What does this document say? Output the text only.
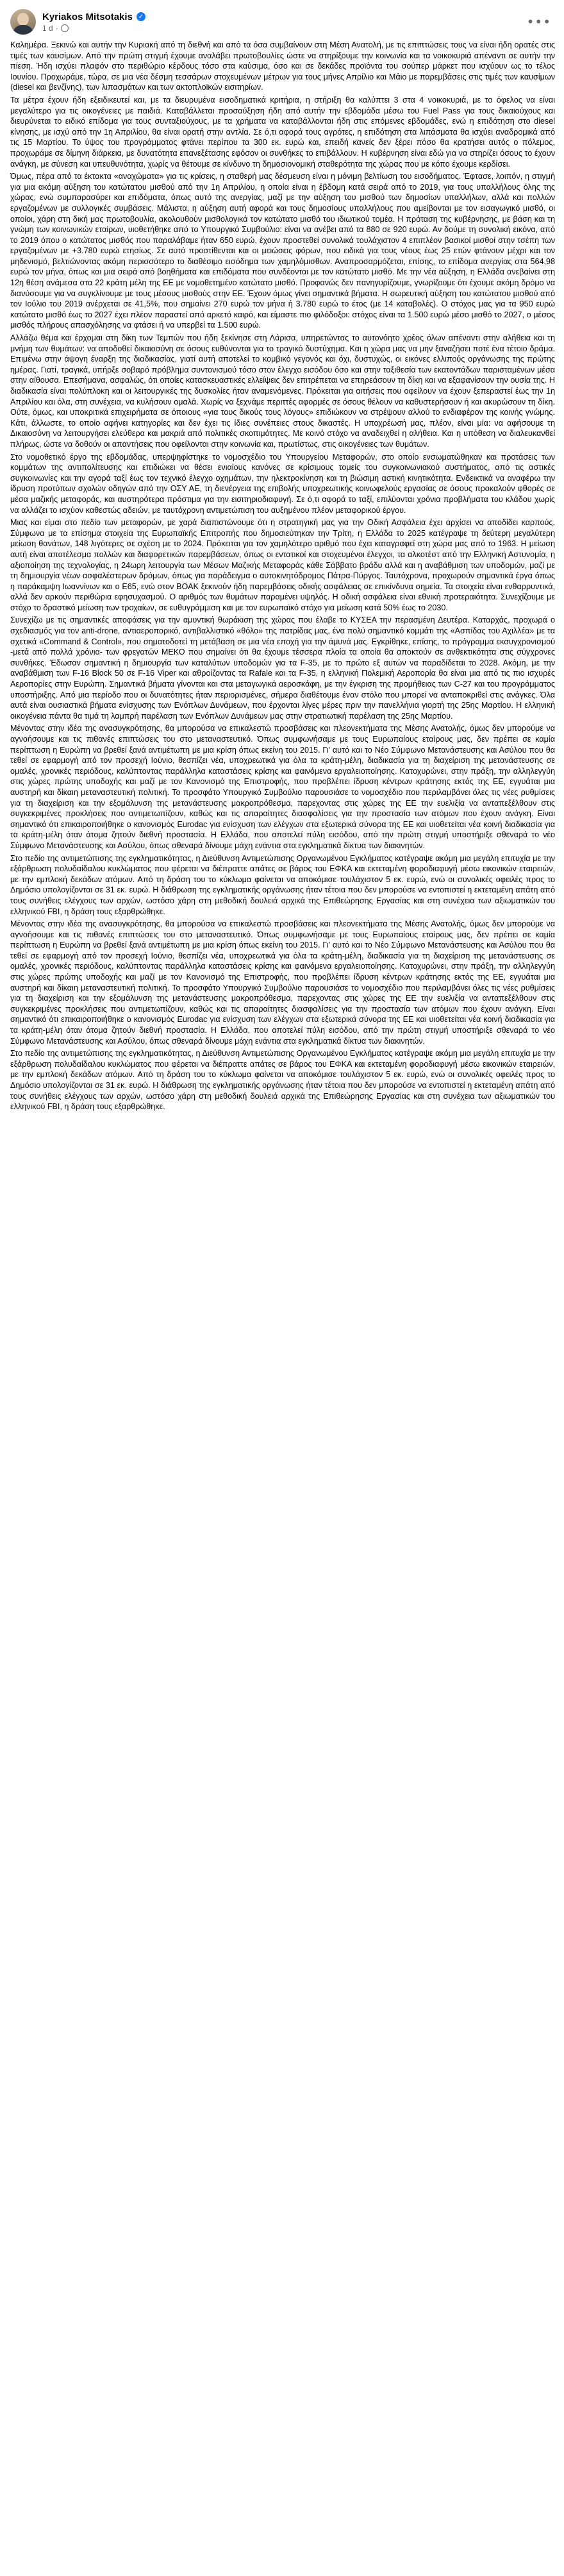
Kyriakos Mitsotakis ✓
1 d ·	•••

Καλημέρα. Ξεκινώ και αυτήν την Κυριακή από τη διεθνή και από τα όσα συμβαίνουν στη Μέση Ανατολή, με τις επιπτώσεις τους να είναι ήδη ορατές στις τιμές των καυσίμων. Από την πρώτη στιγμή έχουμε αναλάβει πρωτοβουλίες ώστε να στηρίξουμε την κοινωνία και τα νοικοκυριά απέναντι σε αυτήν την πίεση. Ήδη ισχύει πλαφόν στο περιθώριο κέρδους τόσο στα καύσιμα, όσο και σε δεκάδες προϊόντα του σούπερ μάρκετ που ισχύουν ως το τέλος Ιουνίου. Προχωράμε, τώρα, σε μια νέα δέσμη τεσσάρων στοχευμένων μέτρων για τους μήνες Απρίλιο και Μάιο με παρεμβάσεις στις τιμές των καυσίμων (diesel και βενζίνης), των λιπασμάτων και των ακτοπλοϊκών εισιτηρίων.

Τα μέτρα έχουν ήδη εξειδικευτεί και, με τα διευρυμένα εισοδηματικά κριτήρια, η στήριξη θα καλύπτει 3 στα 4 νοικοκυριά, με το όφελος να είναι μεγαλύτερο για τις οικογένειες με παιδιά. Καταβάλλεται προσαύξηση ήδη από αυτήν την εβδομάδα μέσω του Fuel Pass για τους δικαιούχους και διευρύνεται το ειδικό επίδομα για τους συνταξιούχους, με τα χρήματα να καταβάλλονται ήδη στις επόμενες εβδομάδες, ενώ η επιδότηση στο diesel κίνησης, με ισχύ από την 1η Απριλίου, θα είναι ορατή στην αντλία. Σε ό,τι αφορά τους αγρότες, η επιδότηση στα λιπάσματα θα ισχύει αναδρομικά από τις 15 Μαρτίου. Το ύψος του προγράμματος φτάνει περίπου τα 300 εκ. ευρώ και, επειδή κανείς δεν ξέρει πόσο θα κρατήσει αυτός ο πόλεμος, προχωράμε σε δίμηνη διάρκεια, με δυνατότητα επανεξέτασης εφόσον οι συνθήκες το επιβάλλουν. Η κυβέρνηση είναι εδώ για να στηρίζει όσους το έχουν ανάγκη, με σύνεση και υπευθυνότητα, χωρίς να θέτουμε σε κίνδυνο τη δημοσιονομική σταθερότητα της χώρας που με κόπο έχουμε κερδίσει.

Όμως, πέρα από τα έκτακτα «αναχώματα» για τις κρίσεις, η σταθερή μας δέσμευση είναι η μόνιμη βελτίωση του εισοδήματος. Έφτασε, λοιπόν, η στιγμή για μια ακόμη αύξηση του κατώτατου μισθού από την 1η Απριλίου, η οποία είναι η έβδομη κατά σειρά από το 2019, για τους υπαλλήλους όλης της χώρας, ενώ συμπαρασύρει και επιδόματα, όπως αυτό της ανεργίας, μαζί με την αύξηση του μισθού των δημοσίων υπαλλήλων, αλλά και πολλών εργαζομένων με συλλογικές συμβάσεις. Μάλιστα, η αύξηση αυτή αφορά και τους δημοσίους υπαλλήλους που αμείβονται με τον εισαγωγικό μισθό, οι οποίοι, χάρη στη δική μας πρωτοβουλία, ακολουθούν μισθολογικά τον κατώτατο μισθό του ιδιωτικού τομέα. Η πρόταση της κυβέρνησης, με βάση και τη γνώμη των κοινωνικών εταίρων, υιοθετήθηκε από το Υπουργικό Συμβούλιο: είναι να ανέβει από τα 880 σε 920 ευρώ. Αν δούμε τη συνολική εικόνα, από το 2019 όπου ο κατώτατος μισθός που παραλάβαμε ήταν 650 ευρώ, έχουν προστεθεί συνολικά τουλάχιστον 4 επιπλέον βασικοί μισθοί στην τσέπη των εργαζομένων με +3.780 ευρώ ετησίως. Σε αυτό προστίθενται και οι μειώσεις φόρων, που ειδικά για τους νέους έως 25 ετών φτάνουν μέχρι και τον μηδενισμό, βελτιώνοντας ακόμη περισσότερο το διαθέσιμο εισόδημα των χαμηλόμισθων. Αναπροσαρμόζεται, επίσης, το επίδομα ανεργίας στα 564,98 ευρώ τον μήνα, όπως και μια σειρά από βοηθήματα και επιδόματα που συνδέονται με τον κατώτατο μισθό. Με την νέα αύξηση, η Ελλάδα ανεβαίνει στη 12η θέση ανάμεσα στα 22 κράτη μέλη της ΕΕ με νομοθετημένο κατώτατο μισθό. Προφανώς δεν πανηγυρίζουμε, γνωρίζουμε ότι έχουμε ακόμη δρόμο να διανύσουμε για να συγκλίνουμε με τους μέσους μισθούς στην ΕΕ. Έχουν όμως γίνει σημαντικά βήματα. Η σωρευτική αύξηση του κατώτατου μισθού από τον Ιούλιο του 2019 ανέρχεται σε 41,5%, που σημαίνει 270 ευρώ τον μήνα ή 3.780 ευρώ το έτος (με 14 καταβολές). Ο στόχος μας για τα 950 ευρώ κατώτατο μισθό έως το 2027 έχει πλέον παραστεί από αρκετό καιρό, και είμαστε πιο φιλόδοξοι: στόχος είναι τα 1.500 ευρώ μέσο μισθό το 2027, ο μέσος μισθός πλήρους απασχόλησης να φτάσει ή να υπερβεί τα 1.500 ευρώ.

Αλλάζω θέμα και έρχομαι στη δίκη των Τεμπών που ήδη ξεκίνησε στη Λάρισα, υπηρετώντας το αυτονόητο χρέος όλων απέναντι στην αλήθεια και τη μνήμη των θυμάτων: να αποδοθεί δικαιοσύνη σε όσους ευθύνονται για το τραγικό δυστύχημα. Και η χώρα μας να μην ξαναζήσει ποτέ ένα τέτοιο δράμα. Επιμένω στην άψογη έναρξη της διαδικασίας, γιατί αυτή αποτελεί το κομβικό γεγονός και όχι, δυστυχώς, οι εικόνες ελλιπούς οργάνωσης της πρώτης ημέρας. Γιατί, τραγικά, υπήρξε σοβαρό πρόβλημα συντονισμού τόσο στον έλεγχο εισόδου όσο και στην ταξιθεσία των εκατοντάδων παρισταμένων μέσα στην αίθουσα. Επεσήμανα, ασφαλώς, ότι οποίες κατασκευαστικές ελλείψεις δεν επιτρέπεται να επηρεάσουν τη δίκη και να εξαφανίσουν την ουσία της. Η διαδικασία είναι πολύπλοκη και οι λειτουργικές της δυσκολίες ήταν αναμενόμενες. Πρόκειται για αιτήσεις που οφείλουν να έχουν ξεπεραστεί έως την 1η Απριλίου και όλα, στη συνέχεια, να κυλήσουν ομαλά. Χωρίς να ξεχνάμε περιττές αφορμές σε όσους θέλουν να καθυστερήσουν ή και ακυρώσουν τη δίκη. Ούτε, όμως, και υποκριτικά επιχειρήματα σε όποιους «για τους δικούς τους λόγους» επιδιώκουν να στρέψουν αλλού το ενδιαφέρον της κοινής γνώμης. Κάτι, άλλωστε, το οποίο αφήνει κατηγορίες και δεν έχει τις ίδιες συνέπειες στους δικαστές. Η υποχρέωσή μας, πλέον, είναι μία: να αφήσουμε τη Δικαιοσύνη να λειτουργήσει ελεύθερα και μακριά από πολιτικές σκοπιμότητες. Με κοινό στόχο να αναδειχθεί η αλήθεια. Και η υπόθεση να διαλευκανθεί πλήρως, ώστε να δοθούν οι απαντήσεις που οφείλονται στην κοινωνία και, πρωτίστως, στις οικογένειες των θυμάτων.

Στο νομοθετικό έργο της εβδομάδας, υπερψηφίστηκε το νομοσχέδιο του Υπουργείου Μεταφορών, στο οποίο ενσωματώθηκαν και προτάσεις των κομμάτων της αντιπολίτευσης και επιδιώκει να θέσει ενιαίους κανόνες σε κρίσιμους τομείς του συγκοινωνιακού συστήματος, από τις αστικές συγκοινωνίες και την αγορά ταξί έως τον τεχνικό έλεγχο οχημάτων, την ηλεκτροκίνηση και τη βιώσιμη αστική κινητικότητα. Ενδεικτικά να αναφέρω την ίδρυση προτύπων σχολών οδηγών από την ΟΣΥ ΑΕ, τη διενέργεια της επιβολής υποχρεωτικής κοινωφελούς εργασίας σε όσους προκαλούν φθορές σε μέσα μαζικής μεταφοράς, και αυστηρότερα πρόστιμα για την εισιτηριοδιαφυγή. Σε ό,τι αφορά το ταξί, επιλύονται χρόνια προβλήματα του κλάδου χωρίς να αλλάζει το ισχύον καθεστώς αδειών, με ταυτόχρονη αντιμετώπιση του αυξημένου πλέον μεταφορικού έργου.

Μιας και είμαι στο πεδίο των μεταφορών, με χαρά διαπιστώνουμε ότι η στρατηγική μας για την Οδική Ασφάλεια έχει αρχίσει να αποδίδει καρπούς. Σύμφωνα με τα επίσημα στοιχεία της Ευρωπαϊκής Επιτροπής που δημοσιεύτηκαν την Τρίτη, η Ελλάδα το 2025 κατέγραψε τη δεύτερη μεγαλύτερη μείωση θανάτων, 148 λιγότερες σε σχέση με το 2024. Πρόκειται για τον χαμηλότερο αριθμό που έχει καταγραφεί στη χώρα μας από το 1963. Η μείωση αυτή είναι αποτέλεσμα πολλών και διαφορετικών παρεμβάσεων, όπως οι εντατικοί και στοχευμένοι έλεγχοι, τα αλκοτέστ από την Ελληνική Αστυνομία, η αξιοποίηση της τεχνολογίας, η 24ωρη λειτουργία των Μέσων Μαζικής Μεταφοράς κάθε Σάββατο βράδυ αλλά και η αναβάθμιση των υποδομών, μαζί με τη δημιουργία νέων ασφαλέστερων δρόμων, όπως για παράδειγμα ο αυτοκινητόδρομος Πάτρα-Πύργος. Ταυτόχρονα, προχωρούν σημαντικά έργα όπως η παράκαμψη Ιωαννίνων και ο Ε65, ενώ στον ΒΟΑΚ ξεκινούν ήδη παρεμβάσεις οδικής ασφάλειας σε επικίνδυνα σημεία. Τα στοιχεία είναι ενθαρρυντικά, αλλά δεν αρκούν περιθώρια εφησυχασμού. Ο αριθμός των θυμάτων παραμένει υψηλός. Η οδική ασφάλεια είναι εθνική προτεραιότητα. Συνεχίζουμε με στόχο το δραστικό μείωση των τροχαίων, σε ευθυγράμμιση και με τον ευρωπαϊκό στόχο για μείωση κατά 50% έως το 2030.

Συνεχίζω με τις σημαντικές αποφάσεις για την αμυντική θωράκιση της χώρας που έλαβε το ΚΥΣΕΑ την περασμένη Δευτέρα. Καταρχάς, προχωρά ο σχεδιασμός για τον anti-drone, αντιαεροπορικό, αντιβαλλιστικό «θόλο» της πατρίδας μας, ένα πολύ σημαντικό κομμάτι της «Ασπίδας του Αχιλλέα» με τα σχετικά «Command & Control», που σηματοδοτεί τη μετάβαση σε μια νέα εποχή για την άμυνά μας. Εγκρίθηκε, επίσης, το πρόγραμμα εκσυγχρονισμού -μετά από πολλά χρόνια- των φρεγατών ΜΕΚΟ που σημαίνει ότι θα έχουμε τέσσερα πλοία τα οποία θα αποκτούν σε ανθεκτικότητα στις σύγχρονες συνθήκες. Έδωσαν σημαντική η δημιουργία των καταλύτων υποδομών για τα F-35, με το πρώτο εξ αυτών να παραδίδεται το 2028. Ακόμη, με την αναβάθμιση των F-16 Block 50 σε F-16 Viper και αθροίζοντας τα Rafale και τα F-35, η ελληνική Πολεμική Αεροπορία θα είναι μια από τις πιο ισχυρές Αεροπορίες στην Ευρώπη. Σημαντικά βήματα γίνονται και στα μεταγωγικά αεροσκάφη, με την έγκριση της προμήθειας των C-27 και του προγράμματος υποστήριξης. Από μια περίοδο που οι δυνατότητες ήταν περιορισμένες, σήμερα διαθέτουμε έναν στόλο που μπορεί να ανταποκριθεί στις ανάγκες. Όλα αυτά είναι ουσιαστικά βήματα ενίσχυσης των Ενόπλων Δυνάμεων, που έρχονται λίγες μέρες πριν την πανελλήνια γιορτή της 25ης Μαρτίου. Η ελληνική οικογένεια πάντα θα τιμά τη λαμπρή παρέλαση των Ενόπλων Δυνάμεων μας στην στρατιωτική παρέλαση της 25ης Μαρτίου.

Μένοντας στην ιδέα της ανασυγκρότησης, θα μπορούσα να επικαλεστώ προσβάσεις και πλεονεκτήματα της Μέσης Ανατολής, όμως δεν μπορούμε να αγνοήσουμε και τις πιθανές επιπτώσεις του στο μεταναστευτικό. Όπως συμφωνήσαμε με τους Ευρωπαίους εταίρους μας, δεν πρέπει σε καμία περίπτωση η Ευρώπη να βρεθεί ξανά αντιμέτωπη με μια κρίση όπως εκείνη του 2015. Γι' αυτό και το Νέο Σύμφωνο Μετανάστευσης και Ασύλου που θα τεθεί σε εφαρμογή από τον προσεχή Ιούνιο, θεσπίζει νέα, υποχρεωτικά για όλα τα κράτη-μέλη, διαδικασία για τη διαχείριση της μετανάστευσης σε ομαλές, χρονικές περιόδους, καλύπτοντας παράλληλα καταστάσεις κρίσης και φαινόμενα εργαλειοποίησης. Κατοχυρώνει, στην πράξη, την αλληλεγγύη στις χώρες πρώτης υποδοχής και μαζί με τον Κανονισμό της Επιστροφής, που προβλέπει ίδρυση κέντρων κράτησης εκτός της ΕΕ, εγγυάται μια αυστηρή και δίκαιη μεταναστευτική πολιτική. Το προσφάτο Υπουργικό Συμβούλιο παρουσιάσε το νομοσχέδιο που περιλαμβάνει όλες τις νέες ρυθμίσεις για τη διαχείριση και την εξομάλυνση της μετανάστευσης μακροπρόθεσμα, παρεχοντας στις χώρες της ΕΕ την ευελιξία να ανταπεξέλθουν στις συγκεκριμένες προκλήσεις που αντιμετωπίζουν, καθώς και τις απαραίτητες διασφαλίσεις για την προστασία των ατόμων που έχουν ανάγκη. Είναι σημαντικό ότι επικαιροποιήθηκε ο κανονισμός Eurodac για ενίσχυση των ελέγχων στα εξωτερικά σύνορα της ΕΕ και υιοθετείται νέα κοινή διαδικασία για τα κράτη-μέλη όταν άτομα ζητούν διεθνή προστασία. Η Ελλάδα, που αποτελεί πύλη εισόδου, από την πρώτη στιγμή υποστήριξε σθεναρά το νέο Σύμφωνο Μετανάστευσης και Ασύλου, όπως σθεναρά δίνουμε μάχη ενάντια στα εγκληματικά δίκτυα των διακινητών.

Στο πεδίο της αντιμετώπισης της εγκληματικότητας, η Διεύθυνση Αντιμετώπισης Οργανωμένου Εγκλήματος κατέγραψε ακόμη μια μεγάλη επιτυχία με την εξάρθρωση πολυδαίδαλου κυκλώματος που φέρεται να διέπραττε απάτες σε βάρος του ΕΦΚΑ και εκτεταμένη φοροδιαφυγή μέσω εικονικών εταιρειών, με την εμπλοκή δεκάδων ατόμων. Από τη δράση του το κύκλωμα φαίνεται να αποκόμισε τουλάχιστον 5 εκ. ευρώ, ενώ οι συνολικές οφειλές προς το Δημόσιο υπολογίζονται σε 31 εκ. ευρώ. Η διάθρωση της εγκληματικής οργάνωσης ήταν τέτοια που δεν μπορούσε να εντοπιστεί η εκτεταμένη απάτη από τους συνήθεις ελέγχους των αρχών, ωστόσο χάρη στη μεθοδική δουλειά αρχικά της Επιθεώρησης Εργασίας και στη συνέχεια των αξιωματικών του ελληνικού FBI, η δράση τους εξαρθρώθηκε.

Μένοντας στην ιδέα της ανασυγκρότησης, θα μπορούσα να επικαλεστώ προσβάσεις και πλεονεκτήματα της Μέσης Ανατολής, όμως δεν μπορούμε να αγνοήσουμε και τις πιθανές επιπτώσεις του στο μεταναστευτικό. Όπως συμφωνήσαμε με τους Ευρωπαίους εταίρους μας, δεν πρέπει σε καμία περίπτωση η Ευρώπη να βρεθεί ξανά αντιμέτωπη με μια κρίση όπως εκείνη του 2015. Γι' αυτό και το Νέο Σύμφωνο Μετανάστευσης και Ασύλου που θα τεθεί σε εφαρμογή από τον προσεχή Ιούνιο, θεσπίζει νέα, υποχρεωτικά για όλα τα κράτη-μέλη, διαδικασία για τη διαχείριση της μετανάστευσης σε ομαλές, χρονικές περιόδους, καλύπτοντας παράλληλα καταστάσεις κρίσης και φαινόμενα εργαλειοποίησης. Κατοχυρώνει, στην πράξη, την αλληλεγγύη στις χώρες πρώτης υποδοχής και μαζί με τον Κανονισμό της Επιστροφής, που προβλέπει ίδρυση κέντρων κράτησης εκτός της ΕΕ, εγγυάται μια αυστηρή και δίκαιη μεταναστευτική πολιτική. Το προσφάτο Υπουργικό Συμβούλιο παρουσιάσε το νομοσχέδιο που περιλαμβάνει όλες τις νέες ρυθμίσεις για τη διαχείριση και την εξομάλυνση της μετανάστευσης μακροπρόθεσμα, παρεχοντας στις χώρες της ΕΕ την ευελιξία να ανταπεξέλθουν στις συγκεκριμένες προκλήσεις που αντιμετωπίζουν, καθώς και τις απαραίτητες διασφαλίσεις για την προστασία των ατόμων που έχουν ανάγκη. Είναι σημαντικό ότι επικαιροποιήθηκε ο κανονισμός Eurodac για ενίσχυση των ελέγχων στα εξωτερικά σύνορα της ΕΕ και υιοθετείται νέα κοινή διαδικασία για τα κράτη-μέλη όταν άτομα ζητούν διεθνή προστασία. Η Ελλάδα, που αποτελεί πύλη εισόδου, από την πρώτη στιγμή υποστήριξε σθεναρά το νέο Σύμφωνο Μετανάστευσης και Ασύλου, όπως σθεναρά δίνουμε μάχη ενάντια στα εγκληματικά δίκτυα των διακινητών.

Στο πεδίο της αντιμετώπισης της εγκληματικότητας, η Διεύθυνση Αντιμετώπισης Οργανωμένου Εγκλήματος κατέγραψε ακόμη μια μεγάλη επιτυχία με την εξάρθρωση πολυδαίδαλου κυκλώματος που φέρεται να διέπραττε απάτες σε βάρος του ΕΦΚΑ και εκτεταμένη φοροδιαφυγή μέσω εικονικών εταιρειών, με την εμπλοκή δεκάδων ατόμων. Από τη δράση του το κύκλωμα φαίνεται να αποκόμισε τουλάχιστον 5 εκ. ευρώ, ενώ οι συνολικές οφειλές προς το Δημόσιο υπολογίζονται σε 31 εκ. ευρώ. Η διάθρωση της εγκληματικής οργάνωσης ήταν τέτοια που δεν μπορούσε να εντοπιστεί η εκτεταμένη απάτη από τους συνήθεις ελέγχους των αρχών, ωστόσο χάρη στη μεθοδική δουλειά αρχικά της Επιθεώρησης Εργασίας και στη συνέχεια των αξιωματικών του ελληνικού FBI, η δράση τους εξαρθρώθηκε.
